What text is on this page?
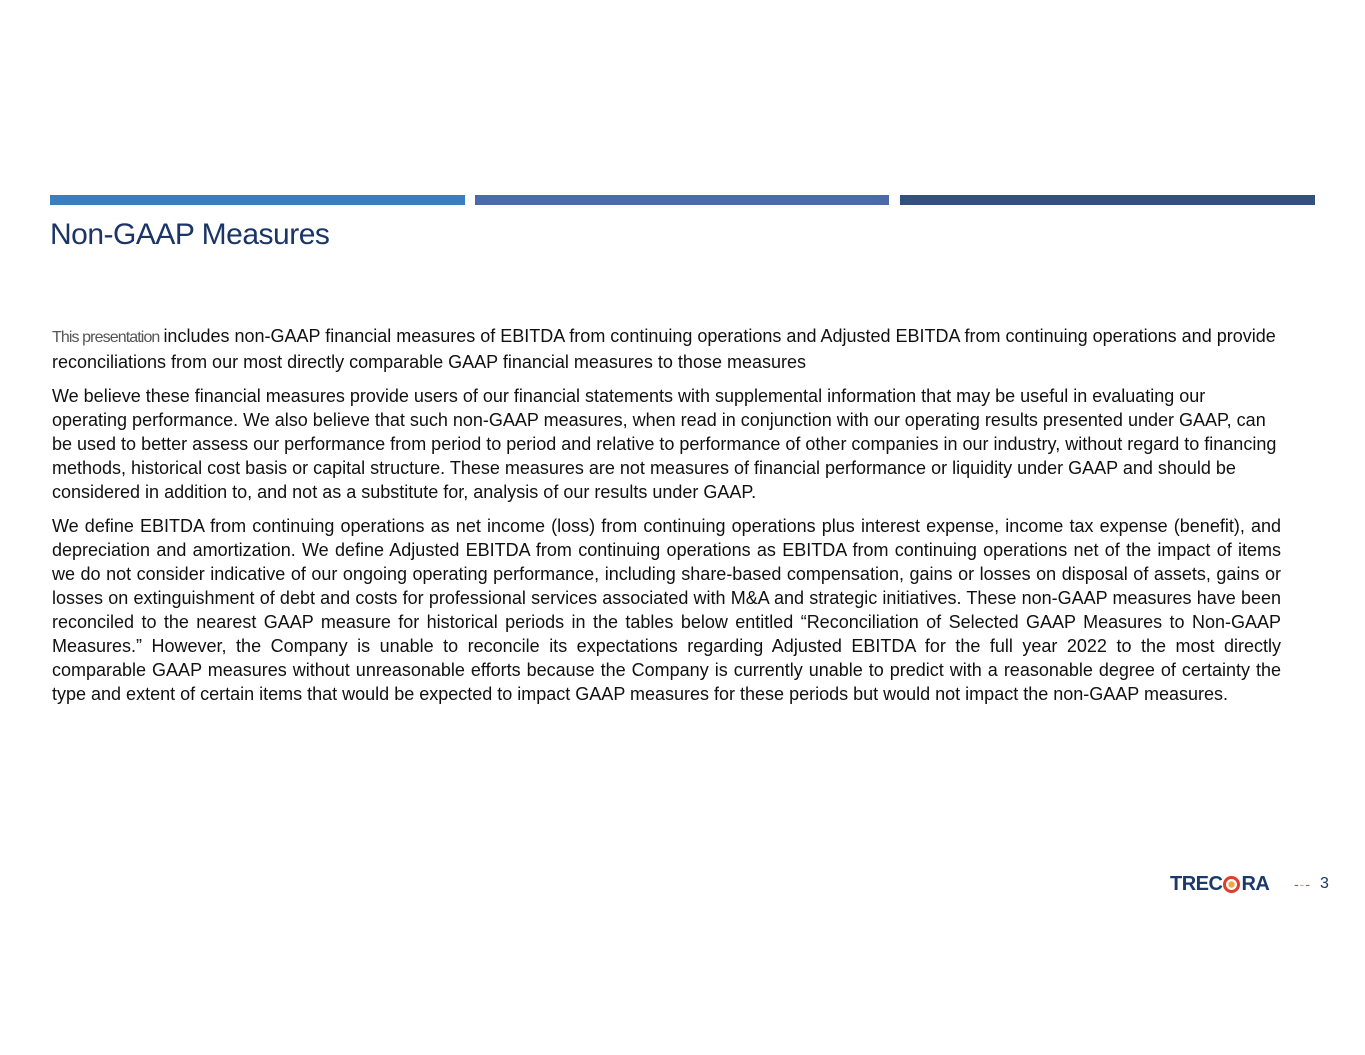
Non-GAAP Measures

This presentation includes non-GAAP financial measures of EBITDA from continuing operations and Adjusted EBITDA from continuing operations and provide reconciliations from our most directly comparable GAAP financial measures to those measures

We believe these financial measures provide users of our financial statements with supplemental information that may be useful in evaluating our operating performance. We also believe that such non-GAAP measures, when read in conjunction with our operating results presented under GAAP, can be used to better assess our performance from period to period and relative to performance of other companies in our industry, without regard to financing methods, historical cost basis or capital structure. These measures are not measures of financial performance or liquidity under GAAP and should be considered in addition to, and not as a substitute for, analysis of our results under GAAP.

We define EBITDA from continuing operations as net income (loss) from continuing operations plus interest expense, income tax expense (benefit), and depreciation and amortization. We define Adjusted EBITDA from continuing operations as EBITDA from continuing operations net of the impact of items we do not consider indicative of our ongoing operating performance, including share-based compensation, gains or losses on disposal of assets, gains or losses on extinguishment of debt and costs for professional services associated with M&A and strategic initiatives. These non-GAAP measures have been reconciled to the nearest GAAP measure for historical periods in the tables below entitled “Reconciliation of Selected GAAP Measures to Non-GAAP Measures.” However, the Company is unable to reconcile its expectations regarding Adjusted EBITDA for the full year 2022 to the most directly comparable GAAP measures without unreasonable efforts because the Company is currently unable to predict with a reasonable degree of certainty the type and extent of certain items that would be expected to impact GAAP measures for these periods but would not impact the non-GAAP measures.

TREC RA --- 3
